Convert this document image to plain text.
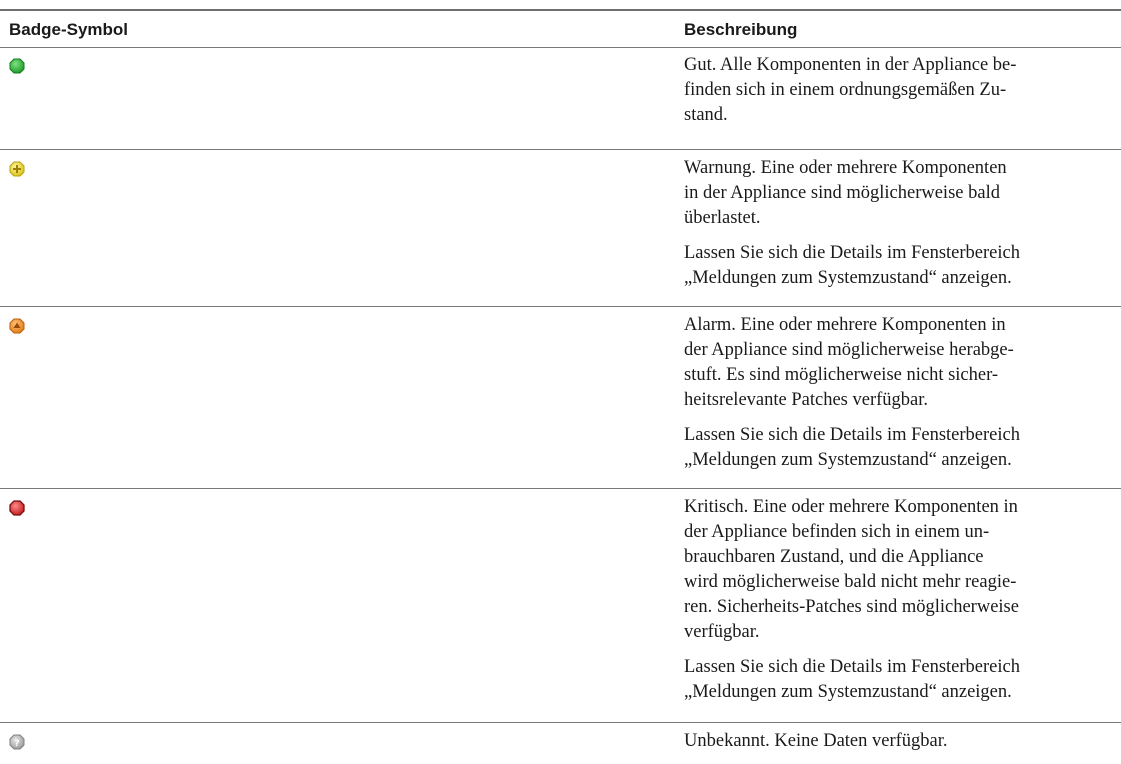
Badge-Symbol	Beschreibung

Gut. Alle Komponenten in der Appliance be-
finden sich in einem ordnungsgemäßen Zu-
stand.

Warnung. Eine oder mehrere Komponenten
in der Appliance sind möglicherweise bald
überlastet.

Lassen Sie sich die Details im Fensterbereich
„Meldungen zum Systemzustand“ anzeigen.

Alarm. Eine oder mehrere Komponenten in
der Appliance sind möglicherweise herabge-
stuft. Es sind möglicherweise nicht sicher-
heitsrelevante Patches verfügbar.

Lassen Sie sich die Details im Fensterbereich
„Meldungen zum Systemzustand“ anzeigen.

Kritisch. Eine oder mehrere Komponenten in
der Appliance befinden sich in einem un-
brauchbaren Zustand, und die Appliance
wird möglicherweise bald nicht mehr reagie-
ren. Sicherheits-Patches sind möglicherweise
verfügbar.

Lassen Sie sich die Details im Fensterbereich
„Meldungen zum Systemzustand“ anzeigen.

?	Unbekannt. Keine Daten verfügbar.
